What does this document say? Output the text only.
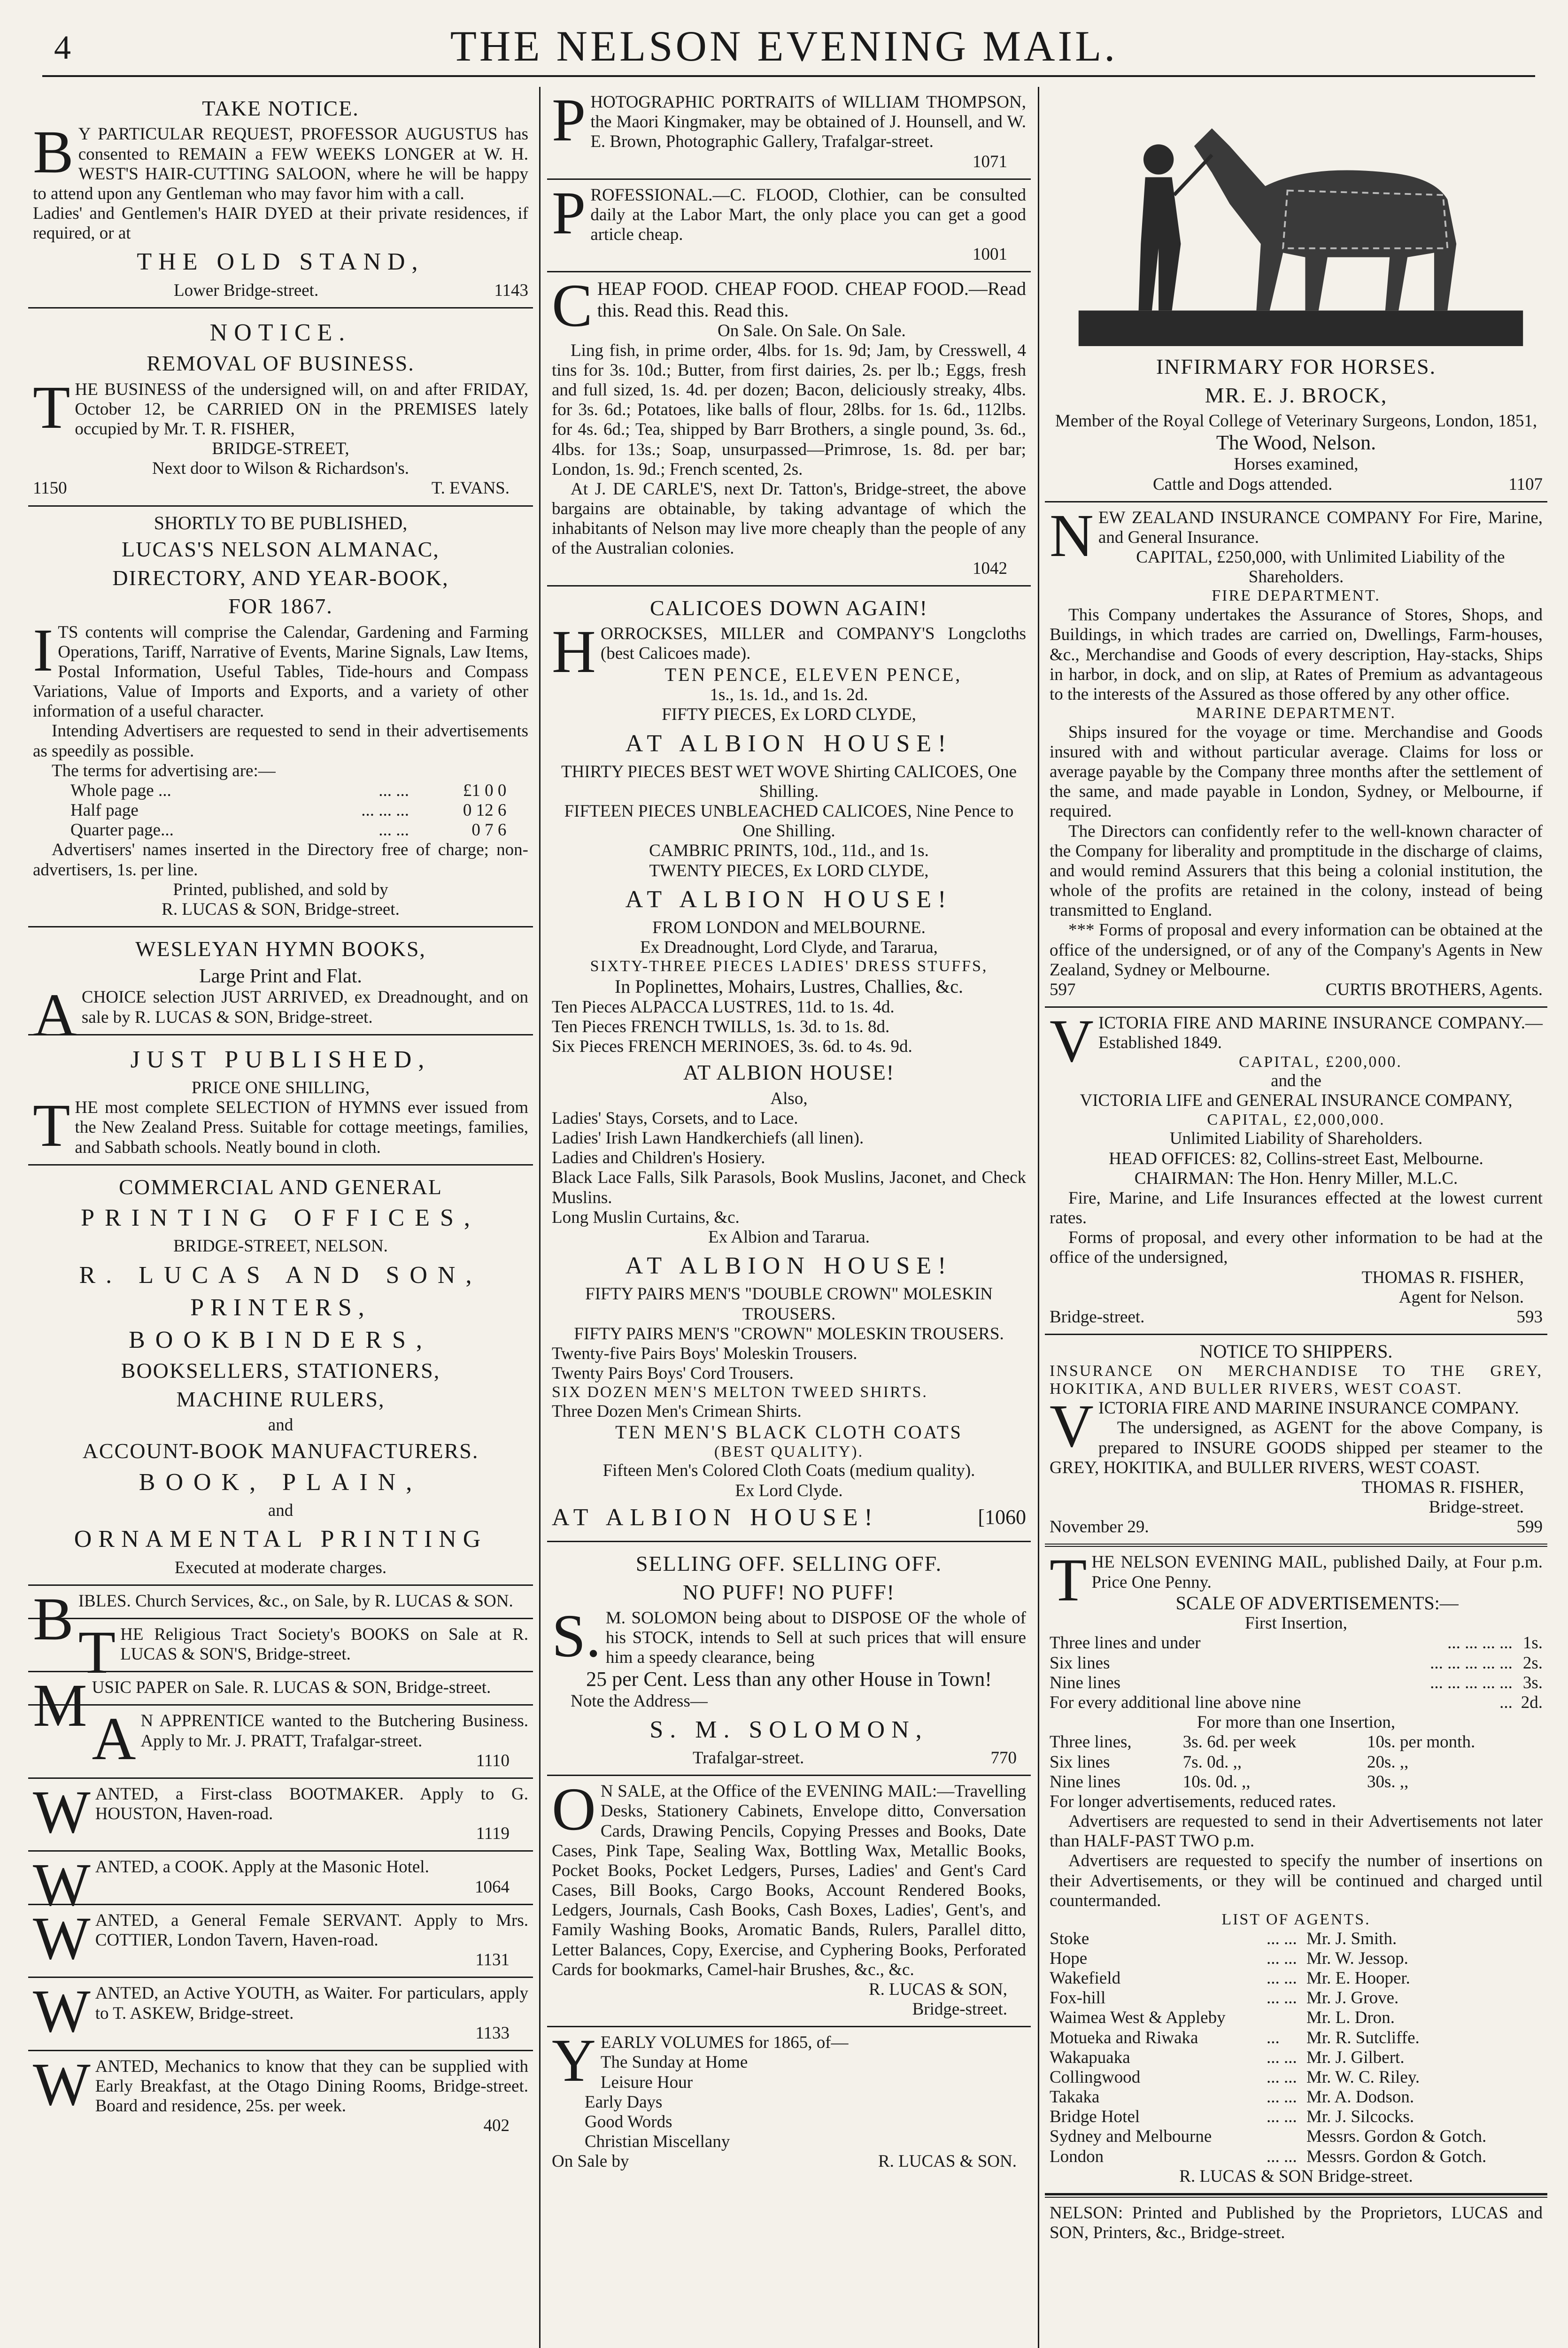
4	THE NELSON EVENING MAIL.
TAKE NOTICE.
BY PARTICULAR REQUEST, PROFESSOR AUGUSTUS has consented to REMAIN a FEW WEEKS LONGER at W. H. WEST'S HAIR-CUTTING SALOON, where he will be happy to attend upon any Gentleman who may favor him with a call.
Ladies' and Gentlemen's HAIR DYED at their private residences, if required, or at
THE OLD STAND,
Lower Bridge-street.	1143
NOTICE.
REMOVAL OF BUSINESS.
THE BUSINESS of the undersigned will, on and after FRIDAY, October 12, be CARRIED ON in the PREMISES lately occupied by Mr. T. R. FISHER,
BRIDGE-STREET,
Next door to Wilson & Richardson's.
1150	T. EVANS.
SHORTLY TO BE PUBLISHED,
LUCAS'S NELSON ALMANAC,
DIRECTORY, AND YEAR-BOOK,
FOR 1867.
ITS contents will comprise the Calendar, Gardening and Farming Operations, Tariff, Narrative of Events, Marine Signals, Law Items, Postal Information, Useful Tables, Tide-hours and Compass Variations, Value of Imports and Exports, and a variety of other information of a useful character.
Intending Advertisers are requested to send in their advertisements as speedily as possible.
The terms for advertising are:—
Whole page ...	... ...	£1 0 0
Half page	... ... ...	0 12 6
Quarter page...	... ...	0 7 6
Advertisers' names inserted in the Directory free of charge; non-advertisers, 1s. per line.
Printed, published, and sold by
R. LUCAS & SON, Bridge-street.
WESLEYAN HYMN BOOKS,
Large Print and Flat.
ACHOICE selection JUST ARRIVED, ex Dreadnought, and on sale by R. LUCAS & SON, Bridge-street.
JUST PUBLISHED,
PRICE ONE SHILLING,
THE most complete SELECTION of HYMNS ever issued from the New Zealand Press. Suitable for cottage meetings, families, and Sabbath schools. Neatly bound in cloth.
COMMERCIAL AND GENERAL
PRINTING OFFICES,
BRIDGE-STREET, NELSON.
R. LUCAS AND SON,
PRINTERS,
BOOKBINDERS,
BOOKSELLERS, STATIONERS,
MACHINE RULERS,
and
ACCOUNT-BOOK MANUFACTURERS.
BOOK, PLAIN,
and
ORNAMENTAL PRINTING
Executed at moderate charges.
BIBLES. Church Services, &c., on Sale, by R. LUCAS & SON.
THE Religious Tract Society's BOOKS on Sale at R. LUCAS & SON'S, Bridge-street.
MUSIC PAPER on Sale. R. LUCAS & SON, Bridge-street.
AN APPRENTICE wanted to the Butchering Business. Apply to Mr. J. PRATT, Trafalgar-street.
1110
WANTED, a First-class BOOTMAKER. Apply to G. HOUSTON, Haven-road.
1119
WANTED, a COOK. Apply at the Masonic Hotel.
1064
WANTED, a General Female SERVANT. Apply to Mrs. COTTIER, London Tavern, Haven-road.
1131
WANTED, an Active YOUTH, as Waiter. For particulars, apply to T. ASKEW, Bridge-street.
1133
WANTED, Mechanics to know that they can be supplied with Early Breakfast, at the Otago Dining Rooms, Bridge-street. Board and residence, 25s. per week.
402
PHOTOGRAPHIC PORTRAITS of WILLIAM THOMPSON, the Maori Kingmaker, may be obtained of J. Hounsell, and W. E. Brown, Photographic Gallery, Trafalgar-street.
1071
PROFESSIONAL.—C. FLOOD, Clothier, can be consulted daily at the Labor Mart, the only place you can get a good article cheap.
1001
CHEAP FOOD. CHEAP FOOD. CHEAP FOOD.—Read this. Read this. Read this.
On Sale. On Sale. On Sale.
Ling fish, in prime order, 4lbs. for 1s. 9d; Jam, by Cresswell, 4 tins for 3s. 10d.; Butter, from first dairies, 2s. per lb.; Eggs, fresh and full sized, 1s. 4d. per dozen; Bacon, deliciously streaky, 4lbs. for 3s. 6d.; Potatoes, like balls of flour, 28lbs. for 1s. 6d., 112lbs. for 4s. 6d.; Tea, shipped by Barr Brothers, a single pound, 3s. 6d., 4lbs. for 13s.; Soap, unsurpassed—Primrose, 1s. 8d. per bar; London, 1s. 9d.; French scented, 2s.
At J. DE CARLE'S, next Dr. Tatton's, Bridge-street, the above bargains are obtainable, by taking advantage of which the inhabitants of Nelson may live more cheaply than the people of any of the Australian colonies.
1042
CALICOES DOWN AGAIN!
HORROCKSES, MILLER and COMPANY'S Longcloths (best Calicoes made).
TEN PENCE, ELEVEN PENCE,
1s., 1s. 1d., and 1s. 2d.
FIFTY PIECES, Ex LORD CLYDE,
AT ALBION HOUSE!
THIRTY PIECES BEST WET WOVE Shirting CALICOES, One Shilling.
FIFTEEN PIECES UNBLEACHED CALICOES, Nine Pence to One Shilling.
CAMBRIC PRINTS, 10d., 11d., and 1s.
TWENTY PIECES, Ex LORD CLYDE,
AT ALBION HOUSE!
FROM LONDON and MELBOURNE.
Ex Dreadnought, Lord Clyde, and Tararua,
SIXTY-THREE PIECES LADIES' DRESS STUFFS,
In Poplinettes, Mohairs, Lustres, Challies, &c.
Ten Pieces ALPACCA LUSTRES, 11d. to 1s. 4d.
Ten Pieces FRENCH TWILLS, 1s. 3d. to 1s. 8d.
Six Pieces FRENCH MERINOES, 3s. 6d. to 4s. 9d.
AT ALBION HOUSE!
Also,
Ladies' Stays, Corsets, and to Lace.
Ladies' Irish Lawn Handkerchiefs (all linen).
Ladies and Children's Hosiery.
Black Lace Falls, Silk Parasols, Book Muslins, Jaconet, and Check Muslins.
Long Muslin Curtains, &c.
Ex Albion and Tararua.
AT ALBION HOUSE!
FIFTY PAIRS MEN'S "DOUBLE CROWN" MOLESKIN TROUSERS.
FIFTY PAIRS MEN'S "CROWN" MOLESKIN TROUSERS.
Twenty-five Pairs Boys' Moleskin Trousers.
Twenty Pairs Boys' Cord Trousers.
SIX DOZEN MEN'S MELTON TWEED SHIRTS.
Three Dozen Men's Crimean Shirts.
TEN MEN'S BLACK CLOTH COATS
(BEST QUALITY).
Fifteen Men's Colored Cloth Coats (medium quality).
Ex Lord Clyde.
AT ALBION HOUSE!	[1060
SELLING OFF. SELLING OFF.
NO PUFF! NO PUFF!
S.M. SOLOMON being about to DISPOSE OF the whole of his STOCK, intends to Sell at such prices that will ensure him a speedy clearance, being
25 per Cent. Less than any other House in Town!
Note the Address—
S. M. SOLOMON,
Trafalgar-street.	770
ON SALE, at the Office of the EVENING MAIL:—Travelling Desks, Stationery Cabinets, Envelope ditto, Conversation Cards, Drawing Pencils, Copying Presses and Books, Date Cases, Pink Tape, Sealing Wax, Bottling Wax, Metallic Books, Pocket Books, Pocket Ledgers, Purses, Ladies' and Gent's Card Cases, Bill Books, Cargo Books, Account Rendered Books, Ledgers, Journals, Cash Books, Cash Boxes, Ladies', Gent's, and Family Washing Books, Aromatic Bands, Rulers, Parallel ditto, Letter Balances, Copy, Exercise, and Cyphering Books, Perforated Cards for bookmarks, Camel-hair Brushes, &c., &c.
R. LUCAS & SON,
Bridge-street.
YEARLY VOLUMES for 1865, of—
The Sunday at Home
Leisure Hour
Early Days
Good Words
Christian Miscellany
On Sale by	R. LUCAS & SON.
INFIRMARY FOR HORSES.
MR. E. J. BROCK,
Member of the Royal College of Veterinary Surgeons, London, 1851,
The Wood, Nelson.
Horses examined,
Cattle and Dogs attended.	1107
NEW ZEALAND INSURANCE COMPANY For Fire, Marine, and General Insurance.
CAPITAL, £250,000, with Unlimited Liability of the Shareholders.
FIRE DEPARTMENT.
This Company undertakes the Assurance of Stores, Shops, and Buildings, in which trades are carried on, Dwellings, Farm-houses, &c., Merchandise and Goods of every description, Hay-stacks, Ships in harbor, in dock, and on slip, at Rates of Premium as advantageous to the interests of the Assured as those offered by any other office.
MARINE DEPARTMENT.
Ships insured for the voyage or time. Merchandise and Goods insured with and without particular average. Claims for loss or average payable by the Company three months after the settlement of the same, and made payable in London, Sydney, or Melbourne, if required.
The Directors can confidently refer to the well-known character of the Company for liberality and promptitude in the discharge of claims, and would remind Assurers that this being a colonial institution, the whole of the profits are retained in the colony, instead of being transmitted to England.
*** Forms of proposal and every information can be obtained at the office of the undersigned, or of any of the Company's Agents in New Zealand, Sydney or Melbourne.
597	CURTIS BROTHERS, Agents.
VICTORIA FIRE AND MARINE INSURANCE COMPANY.—Established 1849.
CAPITAL, £200,000.
and the
VICTORIA LIFE and GENERAL INSURANCE COMPANY,
CAPITAL, £2,000,000.
Unlimited Liability of Shareholders.
HEAD OFFICES: 82, Collins-street East, Melbourne.
CHAIRMAN: The Hon. Henry Miller, M.L.C.
Fire, Marine, and Life Insurances effected at the lowest current rates.
Forms of proposal, and every other information to be had at the office of the undersigned,
THOMAS R. FISHER,
Agent for Nelson.
Bridge-street.	593
NOTICE TO SHIPPERS.
INSURANCE ON MERCHANDISE TO THE GREY, HOKITIKA, AND BULLER RIVERS, WEST COAST.
VICTORIA FIRE AND MARINE INSURANCE COMPANY.
The undersigned, as AGENT for the above Company, is prepared to INSURE GOODS shipped per steamer to the GREY, HOKITIKA, and BULLER RIVERS, WEST COAST.
THOMAS R. FISHER,
Bridge-street.
November 29.	599
THE NELSON EVENING MAIL, published Daily, at Four p.m. Price One Penny.
SCALE OF ADVERTISEMENTS:—
First Insertion,
Three lines and under	... ... ... ...	1s.
Six lines	... ... ... ... ...	2s.
Nine lines	... ... ... ... ...	3s.
For every additional line above nine	...	2d.
For more than one Insertion,
Three lines,	3s. 6d. per week	10s. per month.
Six lines	7s. 0d. ,,	20s. ,,
Nine lines	10s. 0d. ,,	30s. ,,
For longer advertisements, reduced rates.
Advertisers are requested to send in their Advertisements not later than HALF-PAST TWO p.m.
Advertisers are requested to specify the number of insertions on their Advertisements, or they will be continued and charged until countermanded.
LIST OF AGENTS.
Stoke	... ...	Mr. J. Smith.
Hope	... ...	Mr. W. Jessop.
Wakefield	... ...	Mr. E. Hooper.
Fox-hill	... ...	Mr. J. Grove.
Waimea West & Appleby		Mr. L. Dron.
Motueka and Riwaka	...	Mr. R. Sutcliffe.
Wakapuaka	... ...	Mr. J. Gilbert.
Collingwood	... ...	Mr. W. C. Riley.
Takaka	... ...	Mr. A. Dodson.
Bridge Hotel	... ...	Mr. J. Silcocks.
Sydney and Melbourne		Messrs. Gordon & Gotch.
London	... ...	Messrs. Gordon & Gotch.
R. LUCAS & SON Bridge-street.
NELSON: Printed and Published by the Proprietors, LUCAS and SON, Printers, &c., Bridge-street.
